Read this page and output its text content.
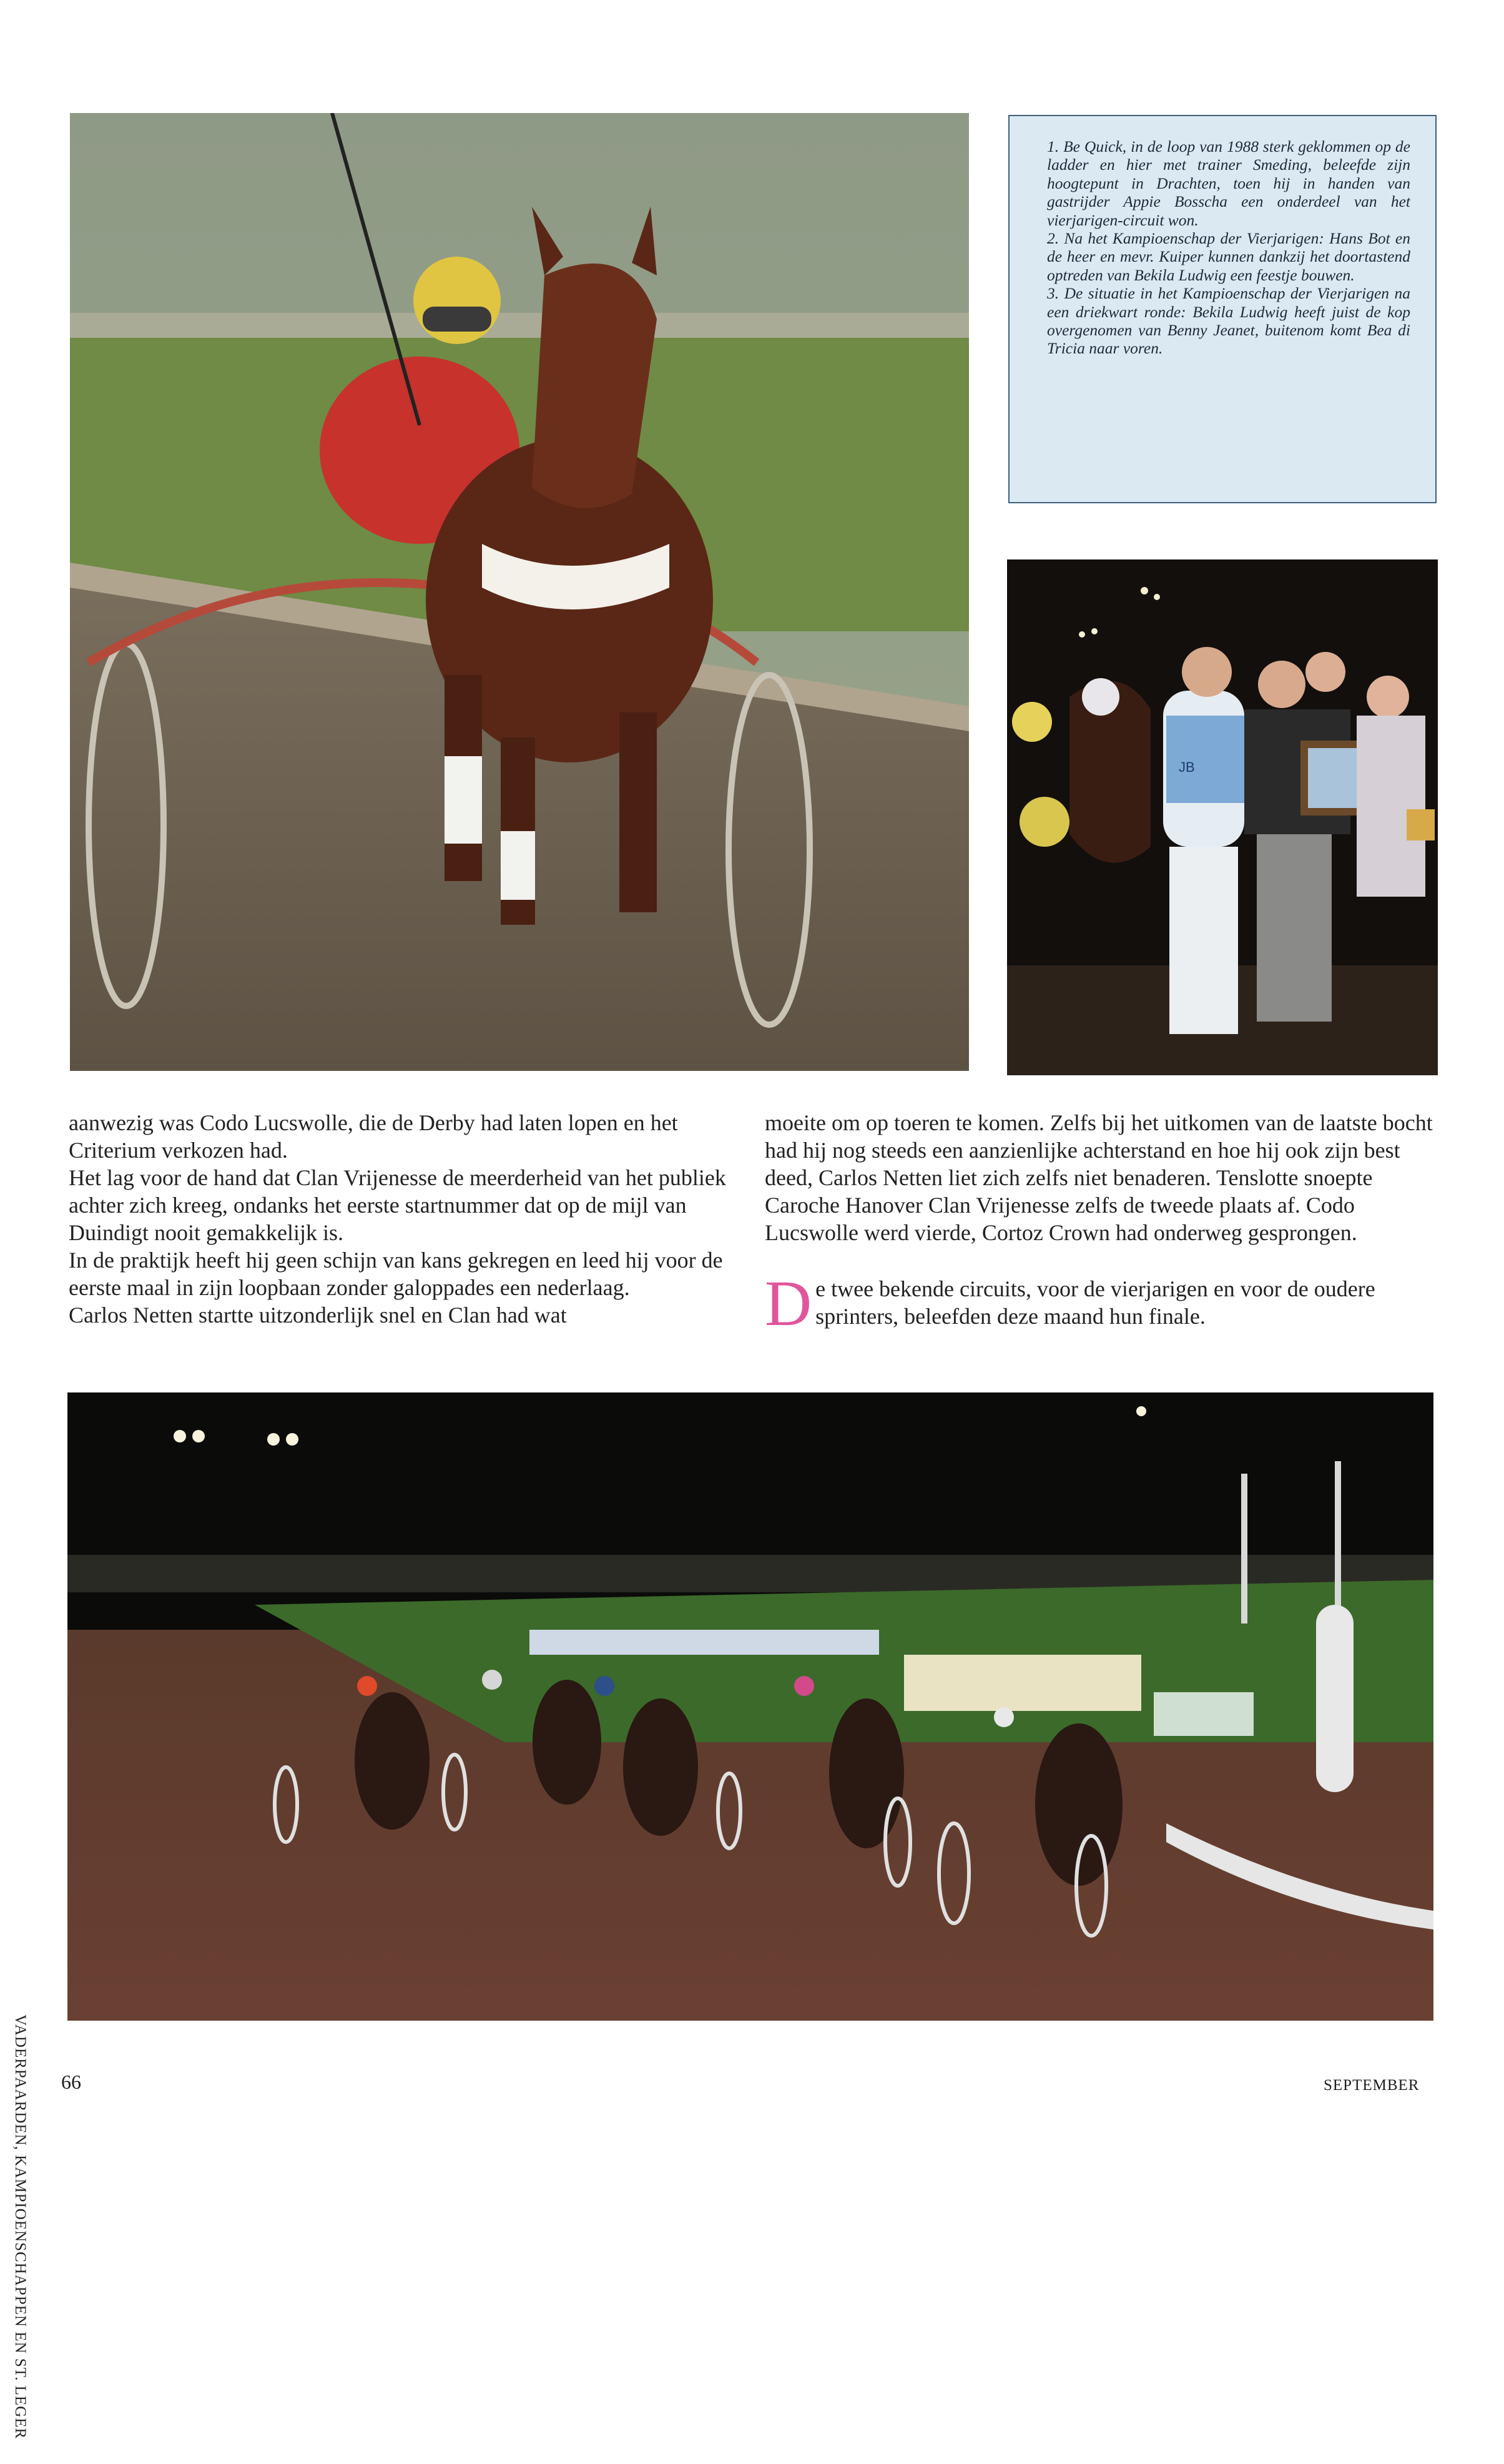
1. Be Quick, in de loop van 1988 sterk geklommen op de ladder en hier met trainer Smeding, beleefde zijn hoogtepunt in Drachten, toen hij in handen van gastrijder Appie Bosscha een onderdeel van het vierjarigen-circuit won.

2. Na het Kampioenschap der Vierjarigen: Hans Bot en de heer en mevr. Kuiper kunnen dankzij het doortastend optreden van Bekila Ludwig een feestje bouwen.

3. De situatie in het Kampioenschap der Vierjarigen na een driekwart ronde: Bekila Ludwig heeft juist de kop overgenomen van Benny Jeanet, buitenom komt Bea di Tricia naar voren.

JB

aanwezig was Codo Lucswolle, die de Derby had laten lopen en het Criterium verkozen had.

Het lag voor de hand dat Clan Vrijenesse de meerderheid van het publiek achter zich kreeg, ondanks het eerste startnummer dat op de mijl van Duindigt nooit gemakkelijk is.

In de praktijk heeft hij geen schijn van kans gekregen en leed hij voor de eerste maal in zijn loopbaan zonder galoppades een nederlaag.

Carlos Netten startte uitzonderlijk snel en Clan had wat

moeite om op toeren te komen. Zelfs bij het uitkomen van de laatste bocht had hij nog steeds een aanzienlijke achterstand en hoe hij ook zijn best deed, Carlos Netten liet zich zelfs niet benaderen. Tenslotte snoepte Caroche Hanover Clan Vrijenesse zelfs de tweede plaats af. Codo Lucswolle werd vierde, Cortoz Crown had onderweg gesprongen.

De twee bekende circuits, voor de vierjarigen en voor de oudere sprinters, beleefden deze maand hun finale.

VADERPAARDEN, KAMPIOENSCHAPPEN EN ST. LEGER 66	SEPTEMBER
